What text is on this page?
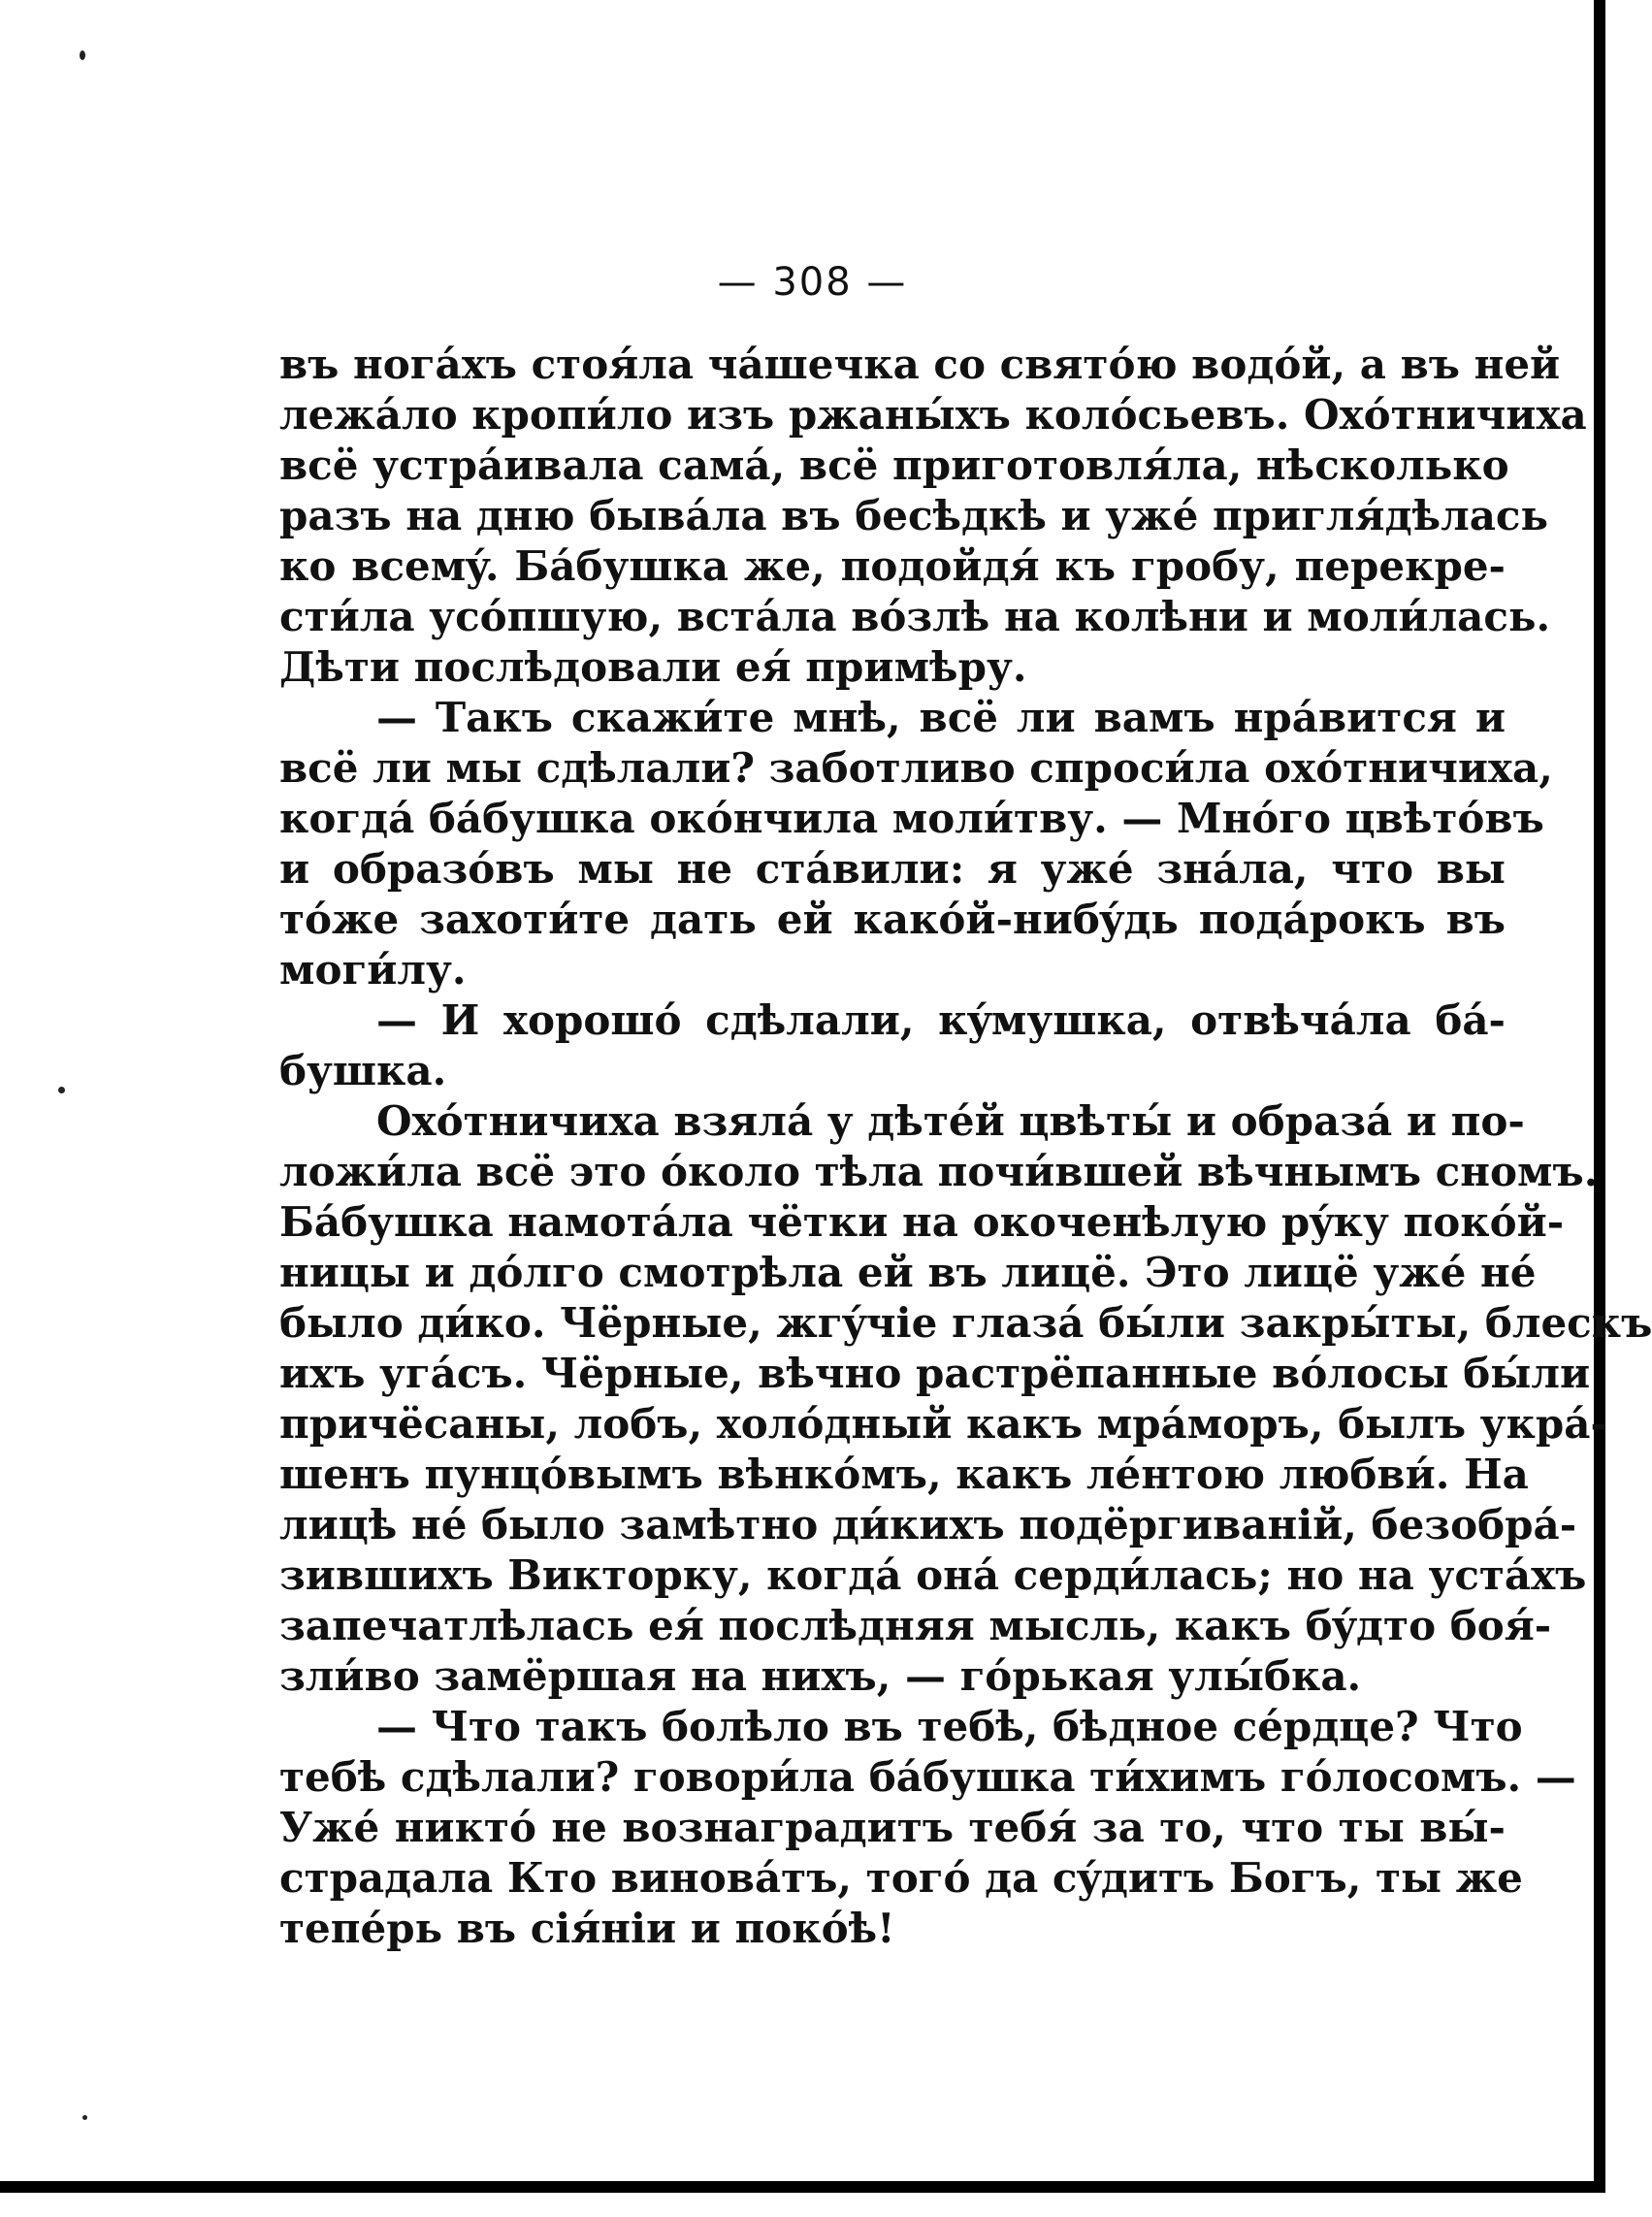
— 308 —
въ ногáхъ стоя́ла чáшечка со святóю водóй, а въ ней
лежáло кропи́ло изъ ржаны́хъ колóсьевъ. Охóтничиха
всё устрáивала самá, всё приготовля́ла, нѣсколько
разъ на дню бывáла въ бесѣдкѣ и ужé пригля́дѣлась
ко всемý. Бáбушка же, подойдя́ къ гробу, перекре-
сти́ла усóпшую, встáла вóзлѣ на колѣни и моли́лась.
Дѣти послѣдовали ея́ примѣру.
— Такъ скажи́те мнѣ, всё ли вамъ нрáвится и
всё ли мы сдѣлали? заботливо спроси́ла охóтничиха,
когдá бáбушка окóнчила моли́тву. — Мнóго цвѣтóвъ
и образóвъ мы не стáвили: я ужé знáла, что вы
тóже захоти́те дать ей какóй-нибýдь подáрокъ въ
моги́лу.
— И хорошó сдѣлали, кýмушка, отвѣчáла бá-
бушка.
Охóтничиха взялá у дѣтéй цвѣты́ и образá и по-
ложи́ла всё это óколо тѣла почи́вшей вѣчнымъ сномъ.
Бáбушка намотáла чётки на окоченѣлую рýку покóй-
ницы и дóлго смотрѣла ей въ лицё. Это лицё ужé нé
было ди́ко. Чёрные, жгýчіе глазá бы́ли закры́ты, блескъ
ихъ угáсъ. Чёрные, вѣчно растрёпанные вóлосы бы́ли
причёсаны, лобъ, холóдный какъ мрáморъ, былъ укрá-
шенъ пунцóвымъ вѣнкóмъ, какъ лéнтою любви́. На
лицѣ нé было замѣтно ди́кихъ подёргиваній, безобрá-
зившихъ Викторку, когдá онá серди́лась; но на устáхъ
запечатлѣлась ея́ послѣдняя мысль, какъ бýдто боя́-
зли́во замёршая на нихъ, — гóрькая улы́бка.
— Что такъ болѣло въ тебѣ, бѣдное сéрдце? Что
тебѣ сдѣлали? говори́ла бáбушка ти́химъ гóлосомъ. —
Ужé никтó не вознаградитъ тебя́ за то, что ты вы́-
страдала Кто виновáтъ, тогó да сýдитъ Богъ, ты же
тепéрь въ сія́ніи и покóѣ!
